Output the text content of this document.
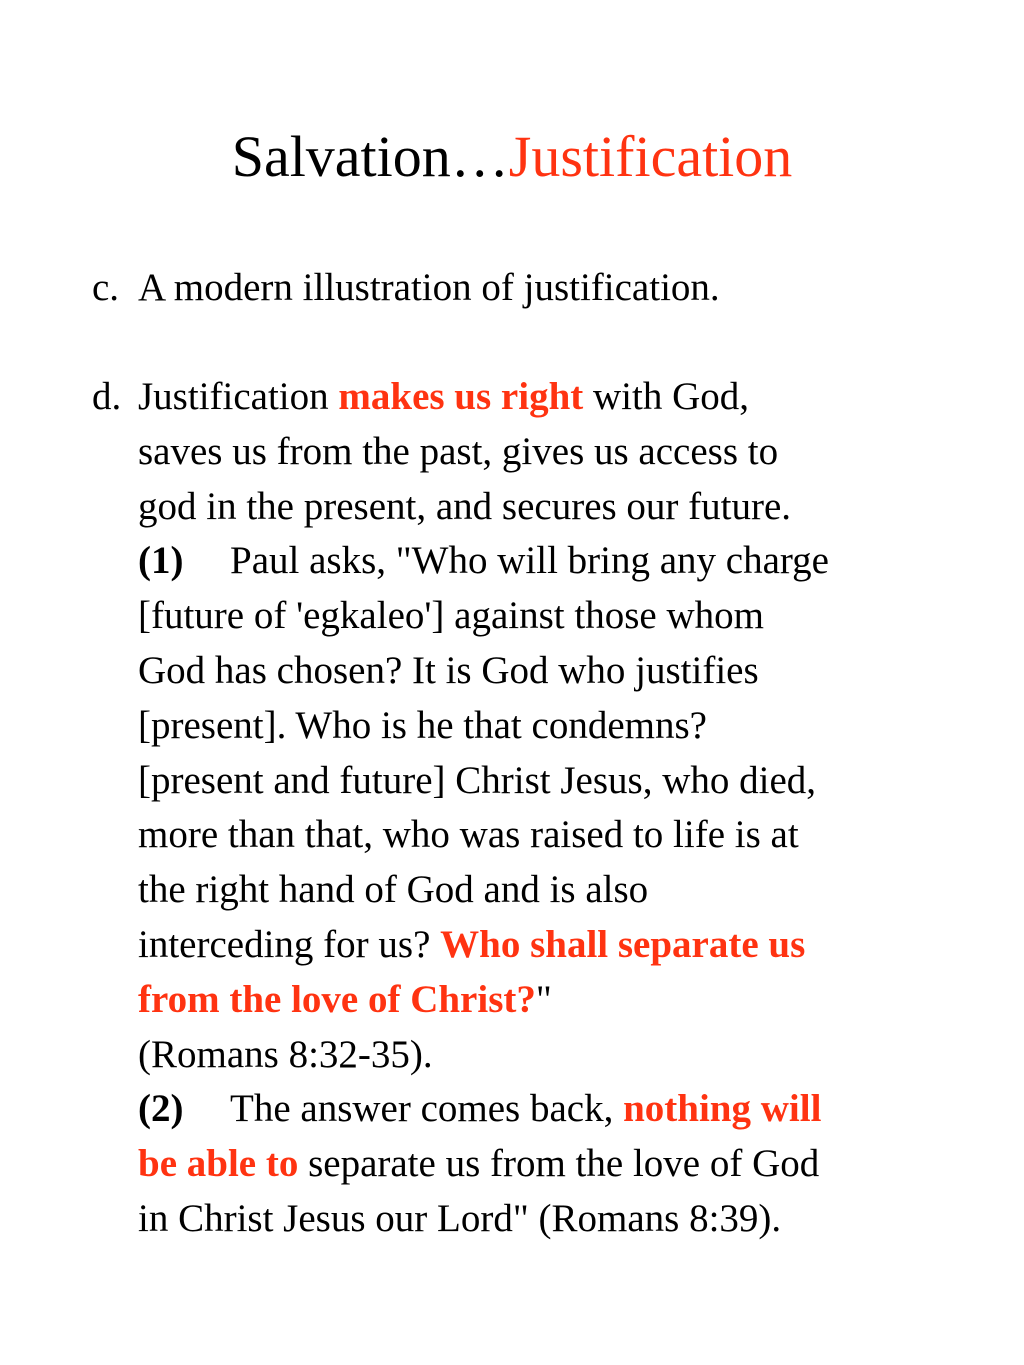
Salvation…Justification
c. A modern illustration of justification.
d. Justification makes us right with God,
saves us from the past, gives us access to
god in the present, and secures our future.
(1) Paul asks, "Who will bring any charge
[future of 'egkaleo'] against those whom
God has chosen? It is God who justifies
[present]. Who is he that condemns?
[present and future] Christ Jesus, who died,
more than that, who was raised to life is at
the right hand of God and is also
interceding for us? Who shall separate us
from the love of Christ?"
(Romans 8:32-35).
(2) The answer comes back, nothing will
be able to separate us from the love of God
in Christ Jesus our Lord" (Romans 8:39).
